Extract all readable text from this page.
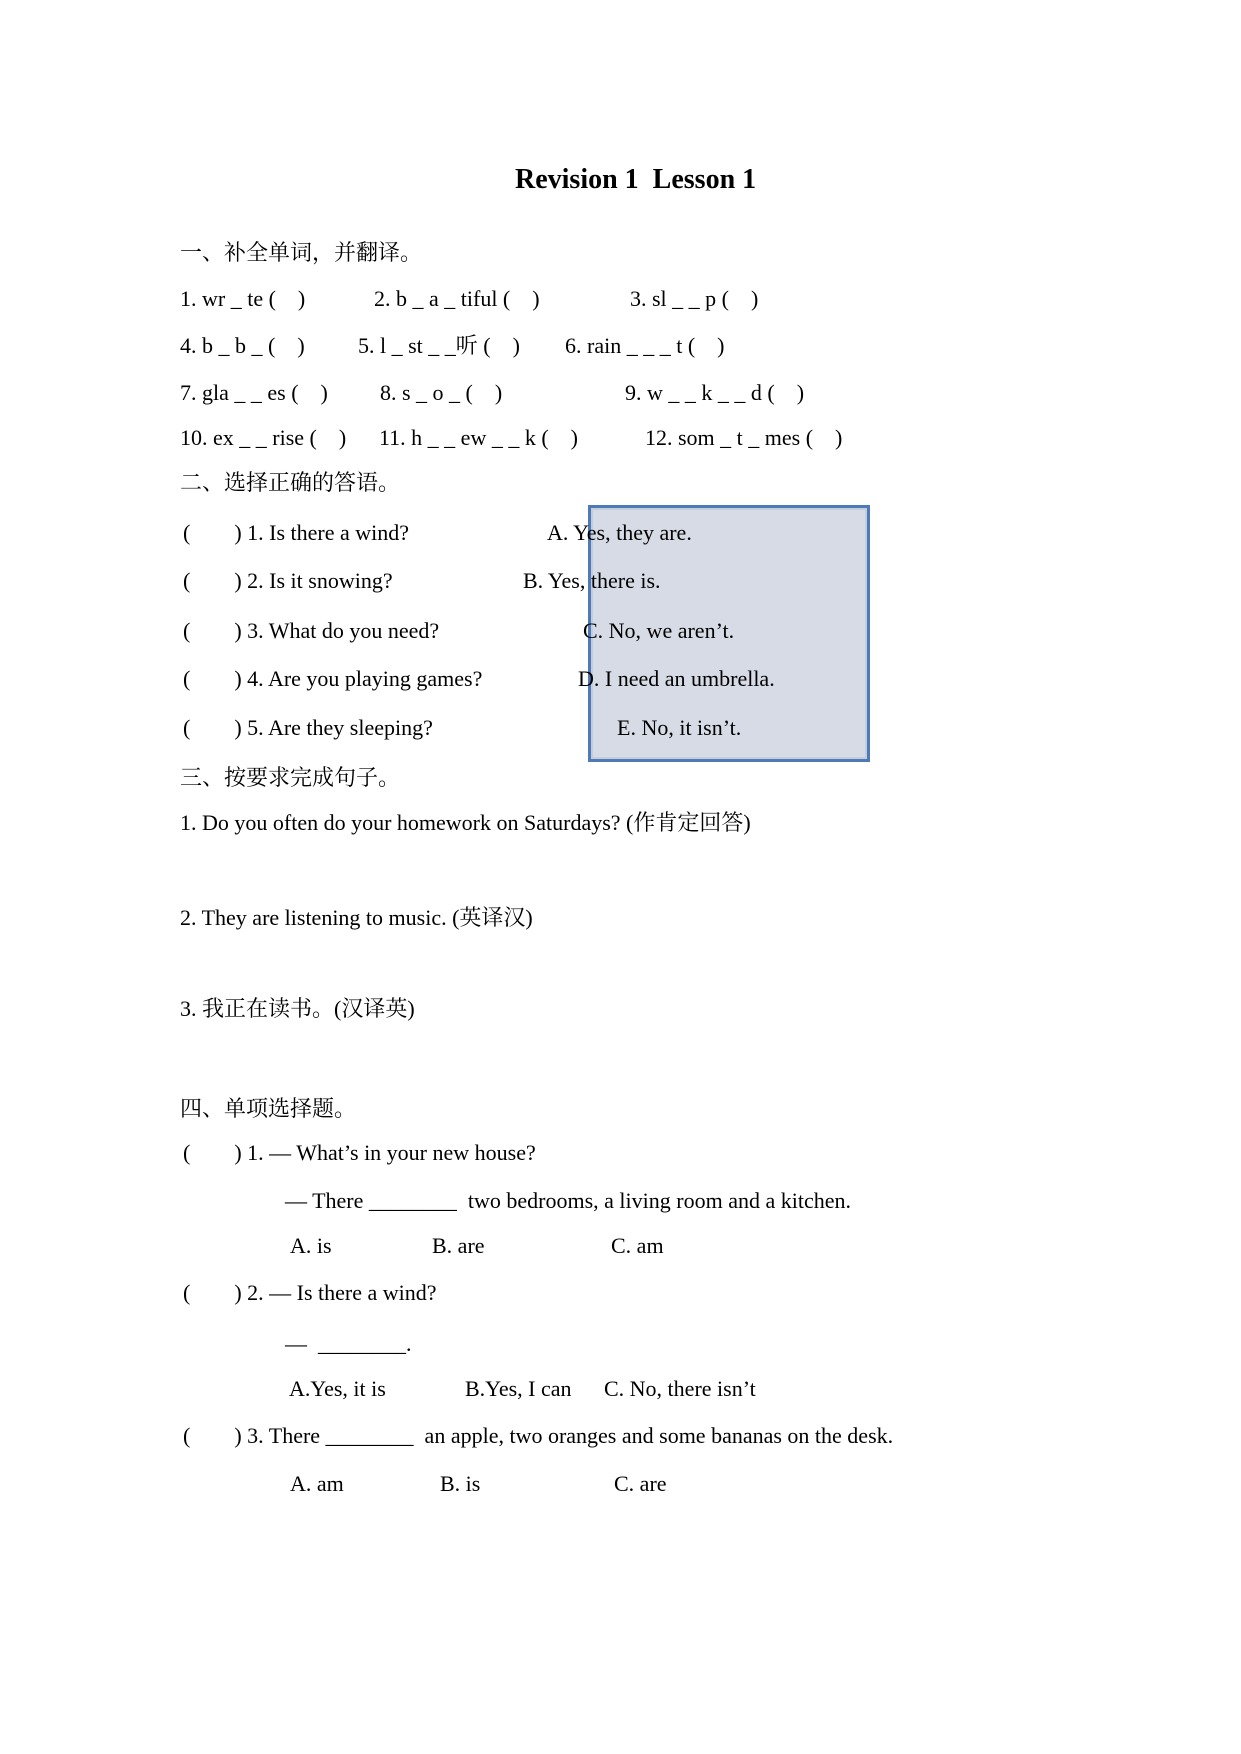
Revision 1  Lesson 1
一、补全单词，并翻译。
1. wr _ te (    )	2. b _ a _ tiful (    )	3. sl _ _ p (    )
4. b _ b _ (    ) 5. l _ st _ _听 (    ) 6. rain _ _ _ t (    )
7. gla _ _ es (    ) 8. s _ o _ (    )	9. w _ _ k _ _ d (    )
10. ex _ _ rise (    ) 11. h _ _ ew _ _ k (    )	12. som _ t _ mes (    )
二、选择正确的答语。
(        ) 1. Is there a wind?
(        ) 2. Is it snowing?
(        ) 3. What do you need?
(        ) 4. Are you playing games?
(        ) 5. Are they sleeping?
A. Yes, they are.
B. Yes, there is.
C. No, we aren’t.
D. I need an umbrella.
E. No, it isn’t.
三、按要求完成句子。
1. Do you often do your homework on Saturdays? (作肯定回答)
2. They are listening to music. (英译汉)
3. 我正在读书。(汉译英)
四、单项选择题。
(        ) 1. — What’s in your new house?
— There ________  two bedrooms, a living room and a kitchen.
A. is	B. are	C. am
(        ) 2. — Is there a wind?
—  ________.
A.Yes, it is	B.Yes, I can C. No, there isn’t
(        ) 3. There ________  an apple, two oranges and some bananas on the desk.
A. am	B. is	C. are
